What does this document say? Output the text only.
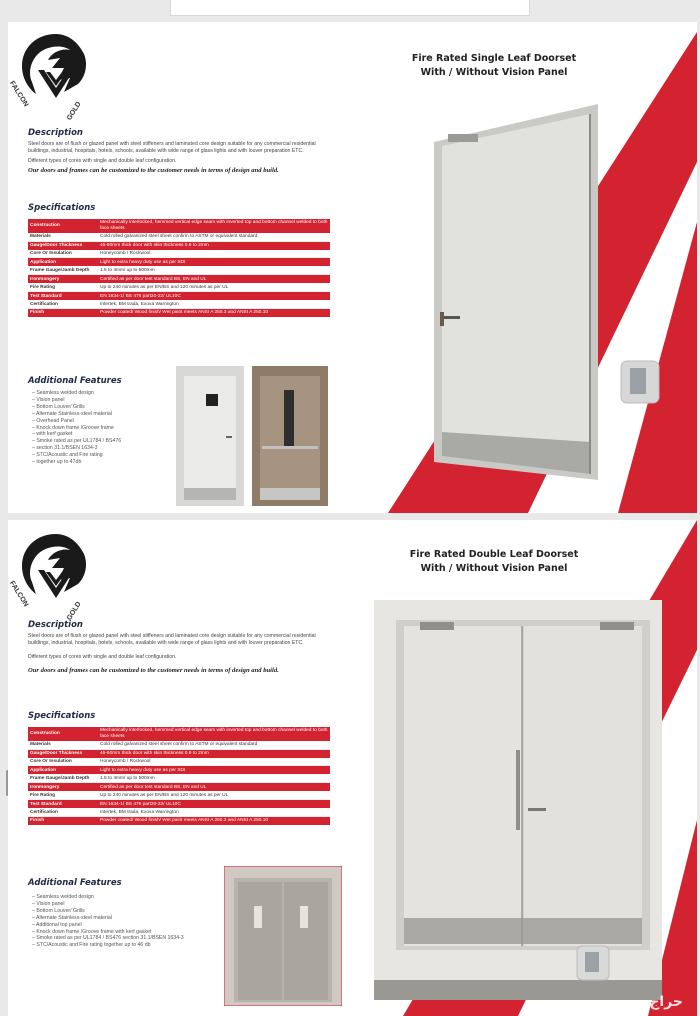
FALCON
GOLD
Fire Rated Single Leaf Doorset
With / Without Vision Panel
Description

Steel doors are of flush or glazed panel with steel stiffeners and laminated core design suitable for any commercial residential buildings, industrial, hospitals, hotels, schools, available with wide range of glass lights and with louver preparation ETC.

Different types of cores with single and double leaf configuration.

Our doors and frames can be customized to the customer needs in terms of design and build.

Specifications
Construction	Mechanically interlocked, hemmed vertical edge seam with inverted top and bottom channel welded to both face sheets
Materials	Cold rolled galvanized steel sheet confirm to ASTM or equivalent standard
Gauge/Door Thickness	45-60mm thick door with skin thickness 0.9 to 2mm
Core Or Insulation	Honeycomb / Rockwool
Application	Light to extra heavy duty use as per SDI
Frame Gauge/Jamb Depth	1.5 to 4mm/ up to 500mm
Ironmongery	Certified as per door test standard BS, EN and UL
Fire Rating	Up to 240 minutes as per EN/BS and 120 minutes as per UL
Test Standard	EN 1634-1/ BS 476 part20-22/ UL10C
Certification	Intertek, BM trada, Exova Warrington
Finish	Powder coated/ Wood finish/ Wet paint meets ANSI A 250.3 and ANSI A 250.10
Additional Features
– Seamless welded design
– Vision panel
– Bottom Louver/ Grills
– Alternate Stainless-steel material
– Overhead Panel
– Knock down frame /Groove frame
– with kerf gasket
– Smoke rated as per UL1784 / BS476
– section 31.1/BSEN 1634-3
– STC/Acoustic and Fire rating
– together up to 47db
FALCON
GOLD
Fire Rated Double Leaf Doorset
With / Without Vision Panel
Description

Steel doors are of flush or glazed panel with steel stiffeners and laminated core design suitable for any commercial residential buildings, industrial, hospitals, hotels, schools, available with wide range of glass lights and with louver preparation ETC.

Different types of cores with single and double leaf configuration.

Our doors and frames can be customized to the customer needs in terms of design and build.

Specifications
Construction	Mechanically interlocked, hemmed vertical edge seam with inverted top and bottom channel welded to both face sheets
Materials	Cold rolled galvanized steel sheet confirm to ASTM or equivalent standard
Gauge/Door Thickness	45-60mm thick door with skin thickness 0.9 to 2mm
Core Or Insulation	Honeycomb / Rockwool
Application	Light to extra heavy duty use as per SDI
Frame Gauge/Jamb Depth	1.5 to 4mm/ up to 500mm
Ironmongery	Certified as per door test standard BS, EN and UL
Fire Rating	Up to 240 minutes as per EN/BS and 120 minutes as per UL
Test Standard	EN 1634-1/ BS 476 part20-22/ UL10C
Certification	Intertek, BM trada, Exova Warrington
Finish	Powder coated/ Wood finish/ Wet paint meets ANSI A 250.3 and ANSI A 250.10
Additional Features
– Seamless welded design
– Vision panel
– Bottom Louver/ Grills
– Alternate Stainless-steel material
– Additional top panel
– Knock down frame /Groove frame with kerf gasket
– Smoke rated as per UL1784 / BS476 section 31.1/BSEN 1634-3
– STC/Acoustic and Fire rating together up to 46 db
حراج
